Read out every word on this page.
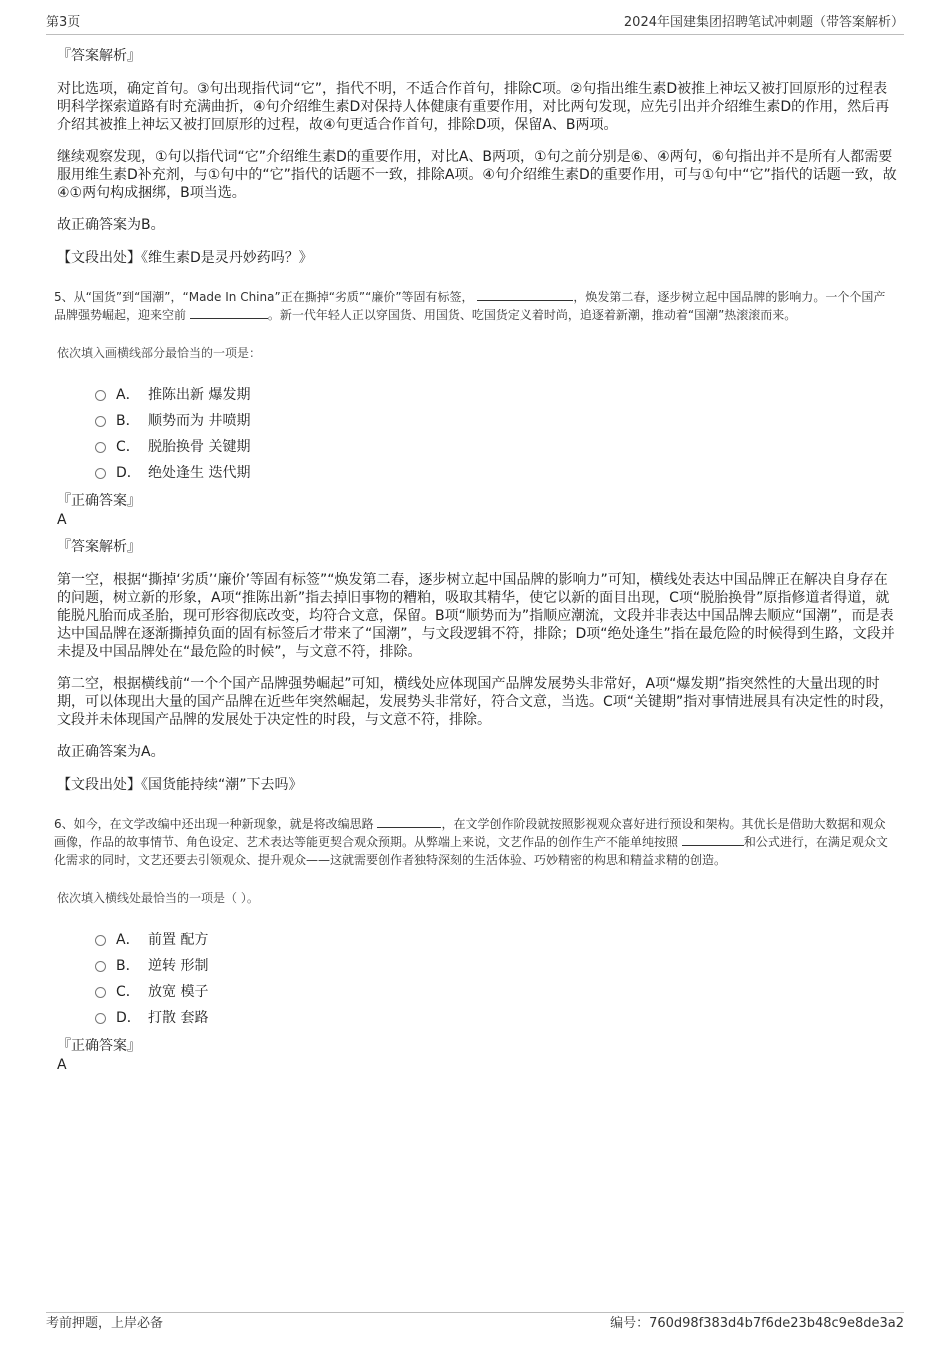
第3页	2024年国建集团招聘笔试冲刺题（带答案解析）
『答案解析』

对比选项，确定首句。③句出现指代词“它”，指代不明，不适合作首句，排除C项。②句指出维生素D被推上神坛又被打回原形的过程表明科学探索道路有时充满曲折，④句介绍维生素D对保持人体健康有重要作用，对比两句发现，应先引出并介绍维生素D的作用，然后再介绍其被推上神坛又被打回原形的过程，故④句更适合作首句，排除D项，保留A、B两项。

继续观察发现，①句以指代词“它”介绍维生素D的重要作用，对比A、B两项，①句之前分别是⑥、④两句，⑥句指出并不是所有人都需要服用维生素D补充剂，与①句中的“它”指代的话题不一致，排除A项。④句介绍维生素D的重要作用，可与①句中“它”指代的话题一致，故④①两句构成捆绑，B项当选。

故正确答案为B。

【文段出处】《维生素D是灵丹妙药吗？》
5、从“国货”到“国潮”，“Made In China”正在撕掉“劣质”“廉价”等固有标签，	，焕发第二春，逐步树立起中国品牌的影响力。一个个国产品牌强势崛起，迎来空前	。新一代年轻人正以穿国货、用国货、吃国货定义着时尚，追逐着新潮，推动着“国潮”热滚滚而来。
依次填入画横线部分最恰当的一项是：
A． 推陈出新 爆发期
B． 顺势而为 井喷期
C． 脱胎换骨 关键期
D． 绝处逢生 迭代期
『正确答案』
A
『答案解析』

第一空，根据“撕掉‘劣质’‘廉价’等固有标签”“焕发第二春，逐步树立起中国品牌的影响力”可知，横线处表达中国品牌正在解决自身存在的问题，树立新的形象，A项“推陈出新”指去掉旧事物的糟粕，吸取其精华，使它以新的面目出现，C项“脱胎换骨”原指修道者得道，就能脱凡胎而成圣胎，现可形容彻底改变，均符合文意，保留。B项“顺势而为”指顺应潮流，文段并非表达中国品牌去顺应“国潮”，而是表达中国品牌在逐渐撕掉负面的固有标签后才带来了“国潮”，与文段逻辑不符，排除；D项“绝处逢生”指在最危险的时候得到生路，文段并未提及中国品牌处在“最危险的时候”，与文意不符，排除。

第二空，根据横线前“一个个国产品牌强势崛起”可知，横线处应体现国产品牌发展势头非常好，A项“爆发期”指突然性的大量出现的时期，可以体现出大量的国产品牌在近些年突然崛起，发展势头非常好，符合文意，当选。C项“关键期”指对事情进展具有决定性的时段，文段并未体现国产品牌的发展处于决定性的时段，与文意不符，排除。

故正确答案为A。

【文段出处】《国货能持续“潮”下去吗》
6、如今，在文学改编中还出现一种新现象，就是将改编思路	，在文学创作阶段就按照影视观众喜好进行预设和架构。其优长是借助大数据和观众画像，作品的故事情节、角色设定、艺术表达等能更契合观众预期。从弊端上来说，文艺作品的创作生产不能单纯按照	和公式进行，在满足观众文化需求的同时，文艺还要去引领观众、提升观众——这就需要创作者独特深刻的生活体验、巧妙精密的构思和精益求精的创造。
依次填入横线处最恰当的一项是（ ）。
A． 前置 配方
B． 逆转 形制
C． 放宽 模子
D． 打散 套路
『正确答案』
A
考前押题，上岸必备	编号：760d98f383d4b7f6de23b48c9e8de3a2
